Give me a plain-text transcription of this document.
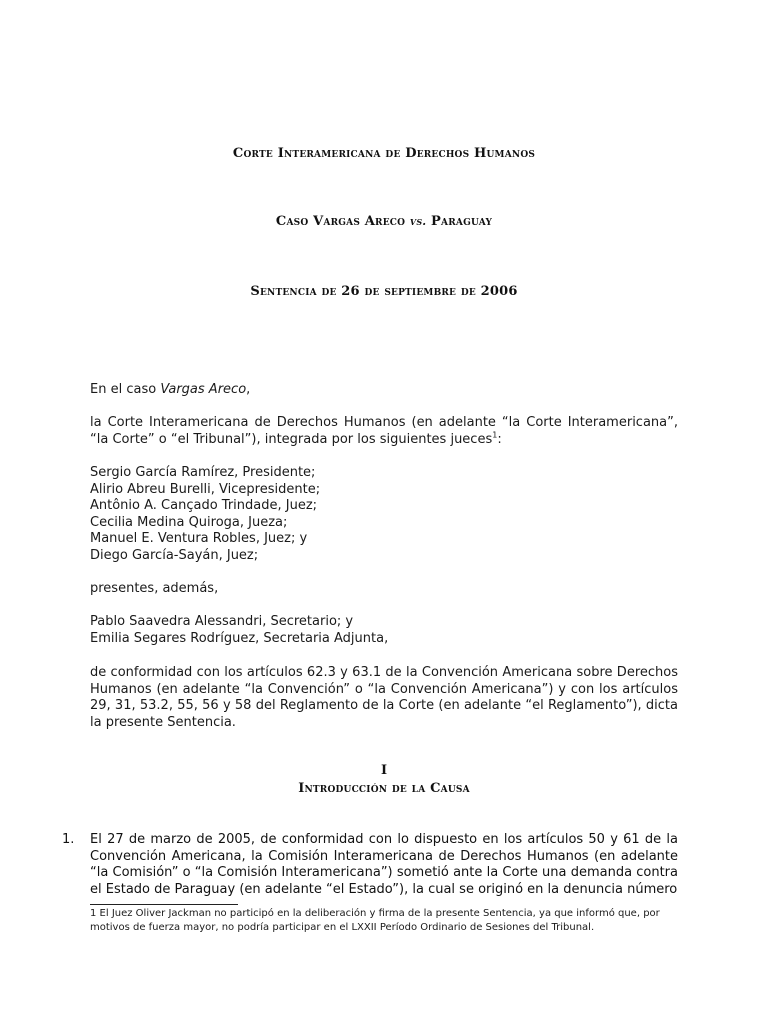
Corte Interamericana de Derechos Humanos
Caso Vargas Areco vs. Paraguay
Sentencia de 26 de septiembre de 2006
En el caso Vargas Areco,
la Corte Interamericana de Derechos Humanos (en adelante “la Corte Interamericana”, “la Corte” o “el Tribunal”), integrada por los siguientes jueces$^1$:
Sergio García Ramírez, Presidente;
Alirio Abreu Burelli, Vicepresidente;
Antônio A. Cançado Trindade, Juez;
Cecilia Medina Quiroga, Jueza;
Manuel E. Ventura Robles, Juez; y
Diego García-Sayán, Juez;
presentes, además,
Pablo Saavedra Alessandri, Secretario; y
Emilia Segares Rodríguez, Secretaria Adjunta,
de conformidad con los artículos 62.3 y 63.1 de la Convención Americana sobre Derechos Humanos (en adelante “la Convención” o “la Convención Americana”) y con los artículos 29, 31, 53.2, 55, 56 y 58 del Reglamento de la Corte (en adelante “el Reglamento”), dicta la presente Sentencia.
I
Introducción de la Causa
1. El 27 de marzo de 2005, de conformidad con lo dispuesto en los artículos 50 y 61 de la Convención Americana, la Comisión Interamericana de Derechos Humanos (en adelante “la Comisión” o “la Comisión Interamericana”) sometió ante la Corte una demanda contra el Estado de Paraguay (en adelante “el Estado”), la cual se originó en la denuncia número
1 El Juez Oliver Jackman no participó en la deliberación y firma de la presente Sentencia, ya que informó que, por motivos de fuerza mayor, no podría participar en el LXXII Período Ordinario de Sesiones del Tribunal.
